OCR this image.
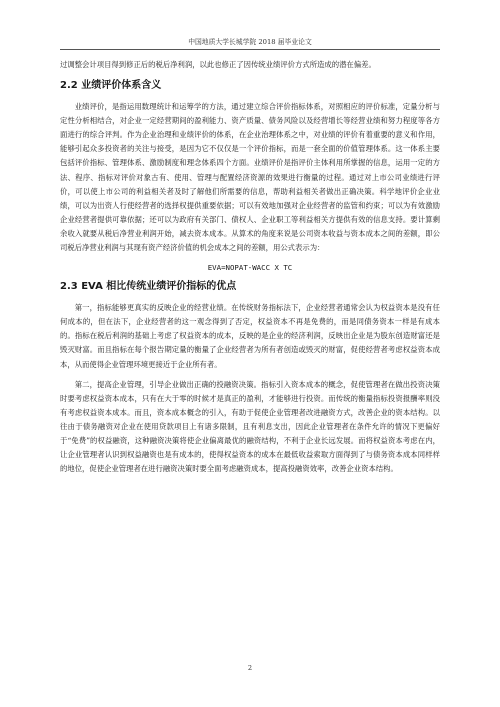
中国地质大学长城学院 2018 届毕业论文

过调整会计项目得到修正后的税后净利润，以此也修正了因传统业绩评价方式所造成的潜在偏差。

2.2 业绩评价体系含义

业绩评价，是指运用数理统计和运筹学的方法，通过建立综合评价指标体系，对照相应的评价标准，定量分析与定性分析相结合，对企业一定经营期间的盈利能力、资产质量、债务风险以及经营增长等经营业绩和努力程度等各方面进行的综合评判。作为企业治理和业绩评价的体系，在企业治理体系之中，对业绩的评价有着重要的意义和作用，能够引起众多投资者的关注与接受，是因为它不仅仅是一个评价指标，而是一套全面的价值管理体系。这一体系主要包括评价指标、管理体系、激励制度和理念体系四个方面。业绩评价是指评价主体利用所掌握的信息，运用一定的方法、程序、指标对评价对象古有、使用、管理与配置经济资源的效果进行衡量的过程。通过对上市公司业绩进行评价，可以使上市公司的利益相关者及时了解他们所需要的信息，帮助利益相关者做出正确决策。科学地评价企业业绩，可以为出资人行使经营者的选择权提供重要依据；可以有效地加强对企业经营者的监管和约束；可以为有效激励企业经营者提供可靠依据；还可以为政府有关部门、债权人、企业职工等利益相关方提供有效的信息支持。要计算剩余收入就要从税后净营业利润开始，减去资本成本。从算术的角度来说是公司资本收益与资本成本之间的差额，即公司税后净营业利润与其现有资产经济价值的机会成本之间的差额，用公式表示为：

EVA=NOPAT-WACC X TC

2.3 EVA 相比传统业绩评价指标的优点

第一，指标能够更真实的反映企业的经营业绩。在传统财务指标法下，企业经营者通常会认为权益资本是没有任何成本的，但在法下，企业经营者的这一观念得到了否定，权益资本不再是免费的，而是同债务资本一样是有成本的。指标在税后利润的基础上考虑了权益资本的成本，反映的是企业的经济利润，反映出企业是为股东创造财富还是毁灭财富。而且指标在每个报告期定量的衡量了企业经营者为所有者创造或毁灭的财富，促使经营者考虑权益资本成本，从而使得企业管理环境更接近于企业所有者。

第二，提高企业管理，引导企业做出正确的投融资决策。指标引入资本成本的概念，促使管理者在做出投资决策时要考虑权益资本成本，只有在大于零的时候才是真正的盈利，才能够进行投资。而传统的衡量指标投资报酬率则没有考虑权益资本成本。而且，资本成本概念的引入，有助于促使企业管理者改进融资方式，改善企业的资本结构。以往由于债务融资对企业在使用贷款项目上有诸多限制，且有利息支出，因此企业管理者在条件允许的情况下更偏好于“免费”的权益融资，这种融资决策将使企业偏离最优的融资结构，不利于企业长远发展。而将权益资本考虑在内，让企业管理者认识到权益融资也是有成本的，使得权益资本的成本在最低收益索取方面得到了与债务资本成本同样样的地位，促使企业管理者在进行融资决策时要全面考虑融资成本，提高投融资效率，改善企业资本结构。

2
